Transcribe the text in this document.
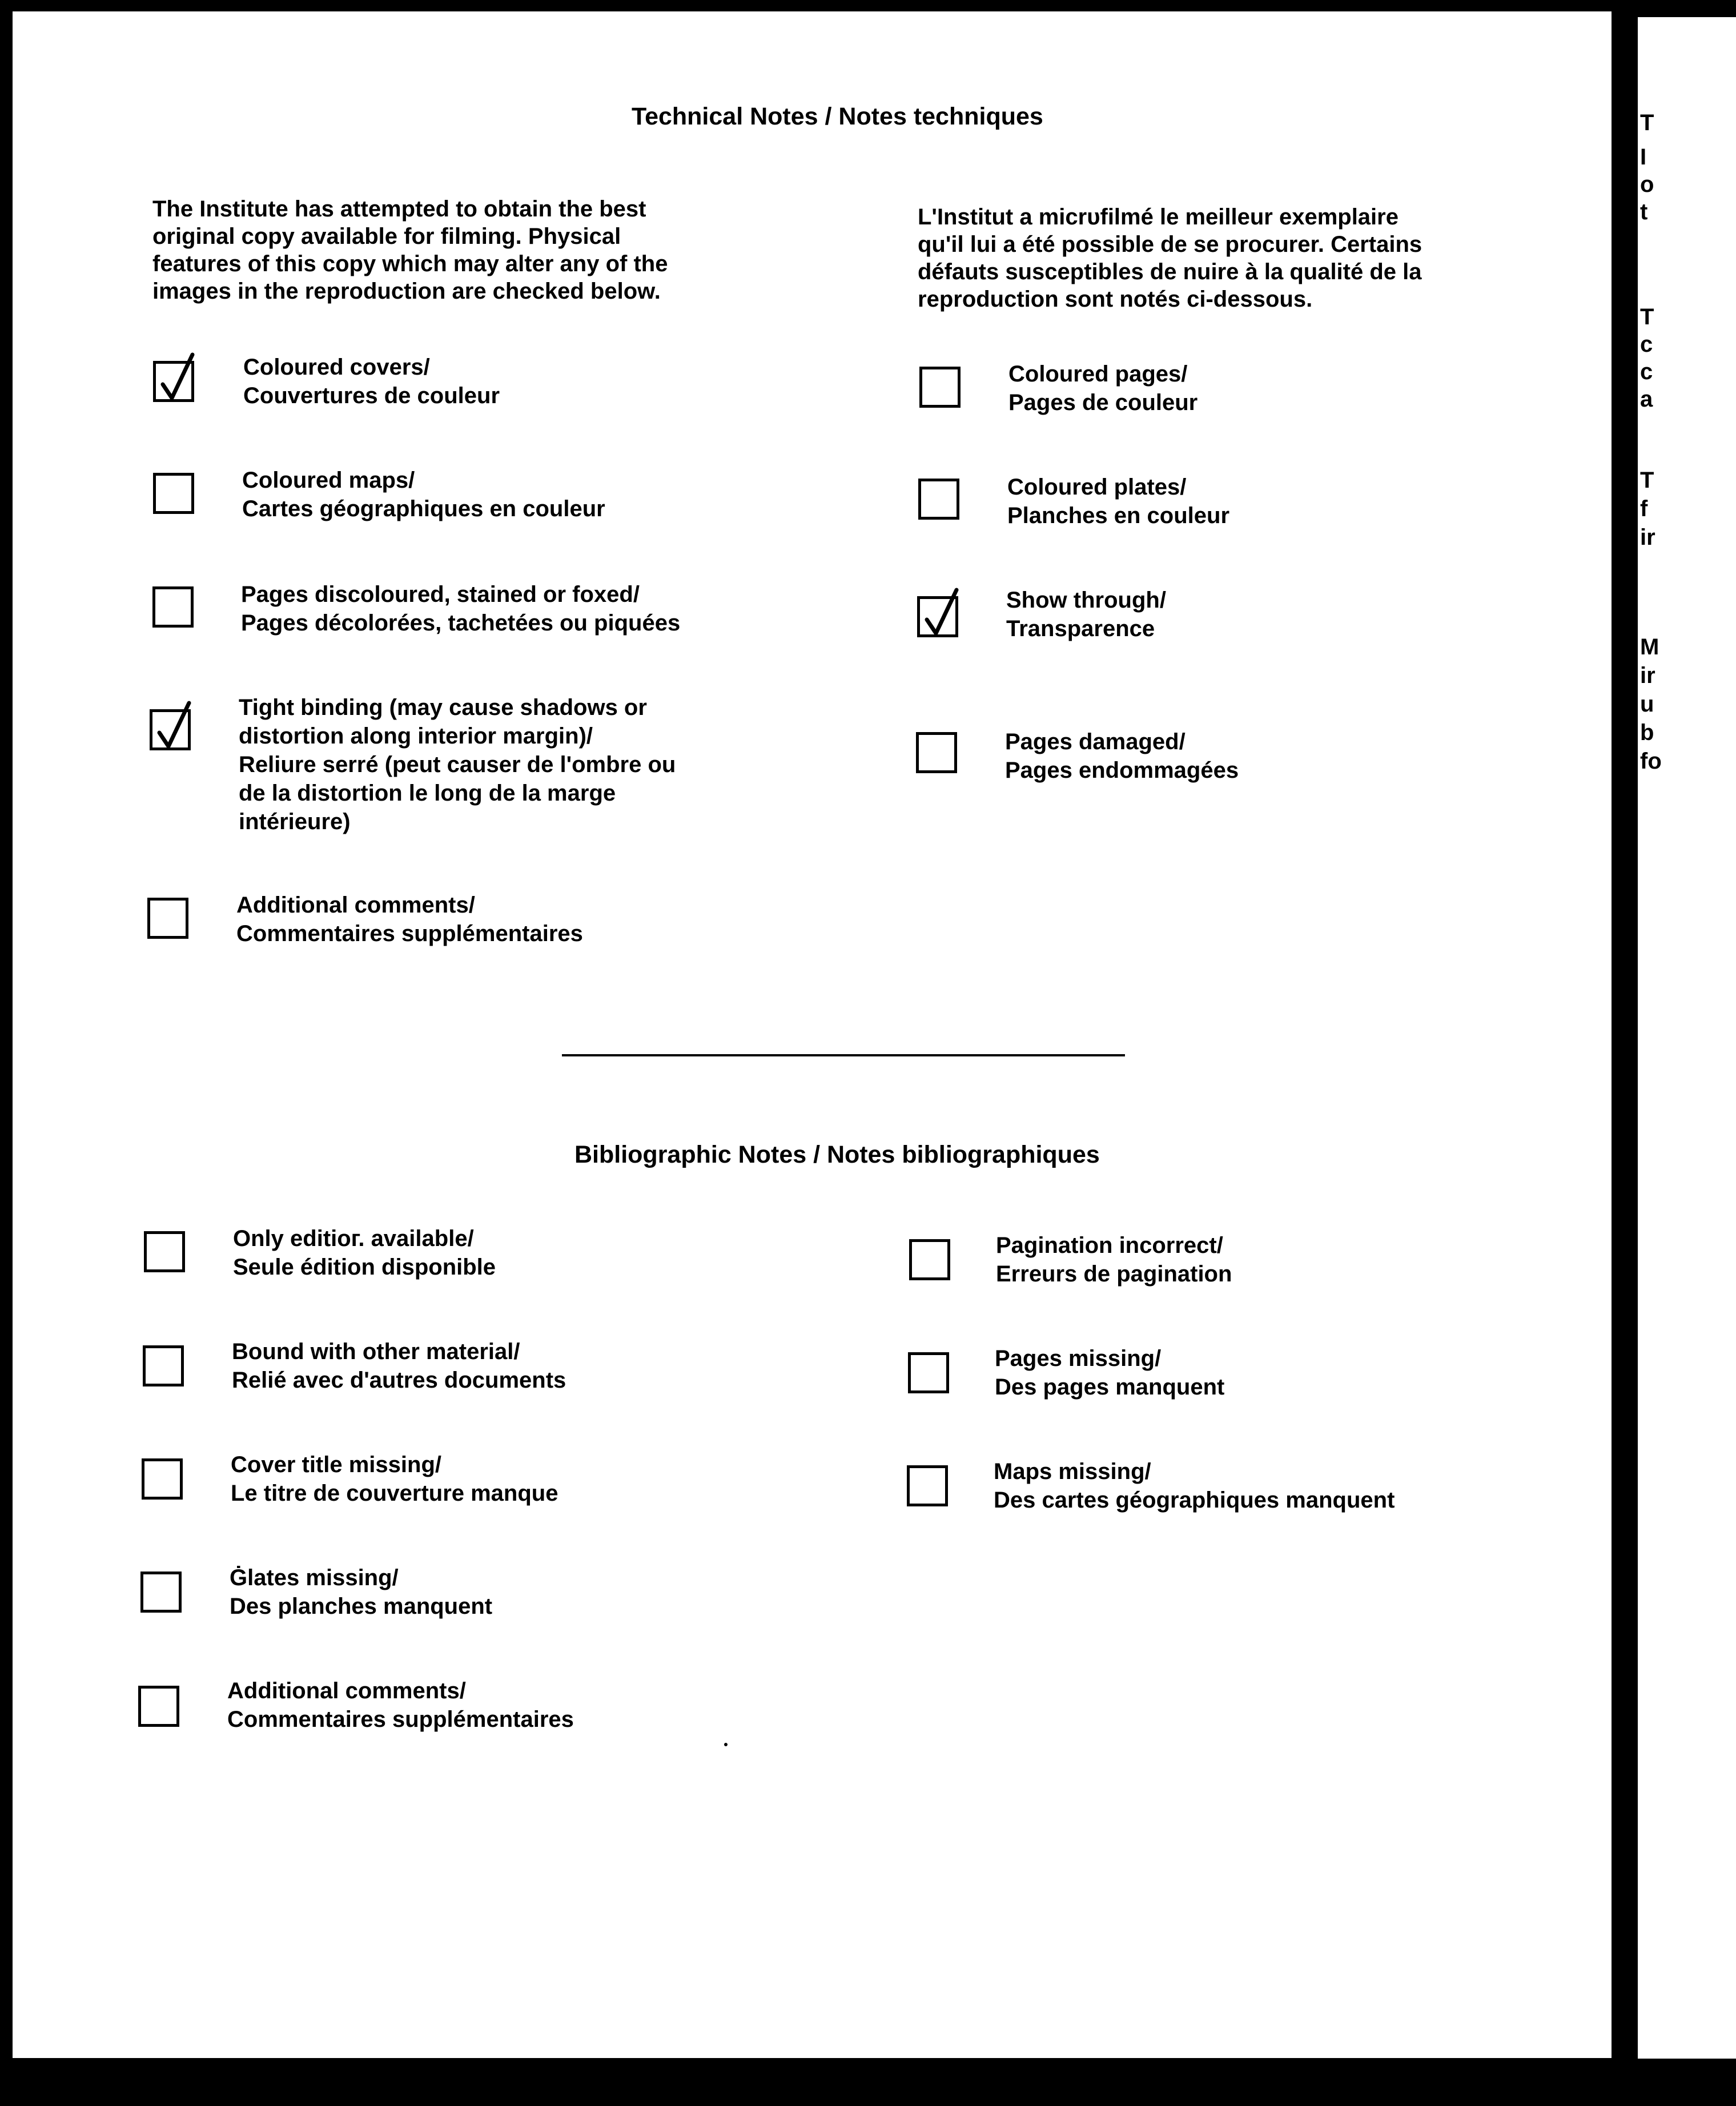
Technical Notes / Notes techniques
The Institute has attempted to obtain the best
original copy available for filming. Physical
features of this copy which may alter any of the
images in the reproduction are checked below.
L'Institut a micrυfilmé le meilleur exemplaire
qu'il lui a été possible de se procurer. Certains
défauts susceptibles de nuire à la qualité de la
reproduction sont notés ci-dessous.
Coloured covers/
Couvertures de couleur
Coloured maps/
Cartes géographiques en couleur
Pages discoloured, stained or foxed/
Pages décolorées, tachetées ou piquées
Tight binding (may cause shadows or
distortion along interior margin)/
Reliure serré (peut causer de l'ombre ou
de la distortion le long de la marge
intérieure)
Additional comments/
Commentaires supplémentaires
Coloured pages/
Pages de couleur
Coloured plates/
Planches en couleur
Show through/
Transparence
Pages damaged/
Pages endommagées
Bibliographic Notes / Notes bibliographiques
Only editioг. available/
Seule édition disponible
Bound with other material/
Relié avec d'autres documents
Cover title missing/
Le titre de couverture manque
Ġlates missing/
Des planches manquent
Additional comments/
Commentaires supplémentaires
Pagination incorrect/
Erreurs de pagination
Pages missing/
Des pages manquent
Maps missing/
Des cartes géographiques manquent
T
I
o
t
T
c
c
a
T
f
ir
M
ir
u
b
fo
